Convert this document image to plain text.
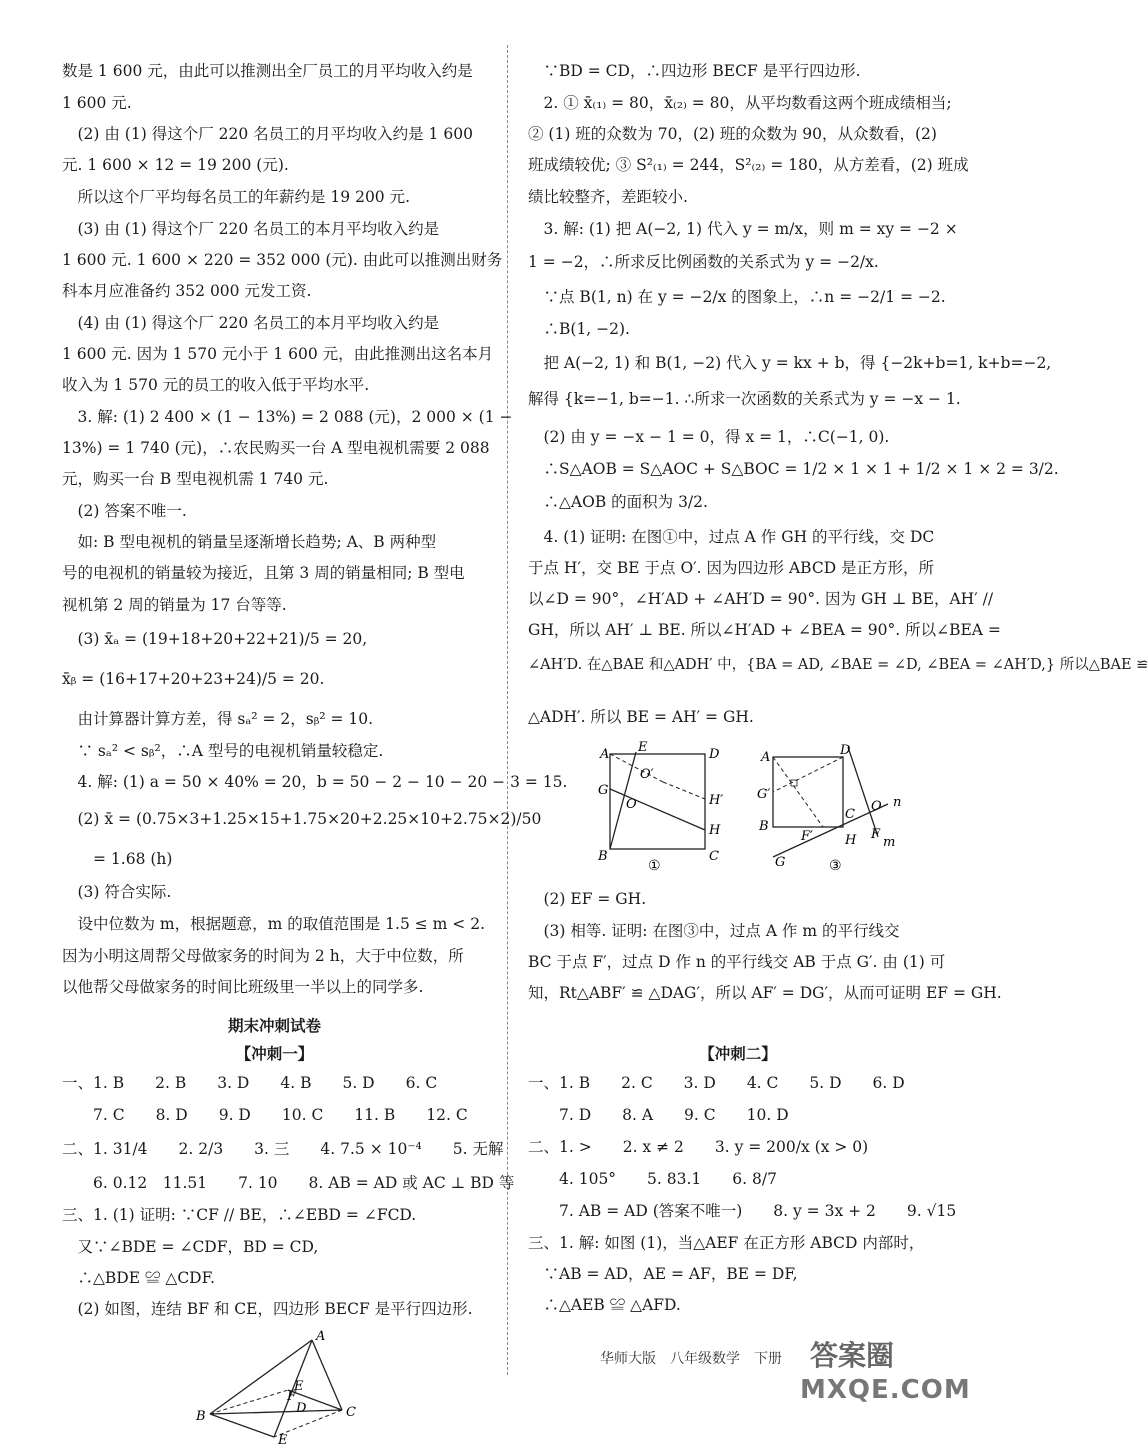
数是 1 600 元，由此可以推测出全厂员工的月平均收入约是
1 600 元.
　(2) 由 (1) 得这个厂 220 名员工的月平均收入约是 1 600
元. 1 600 × 12 = 19 200 (元).
　所以这个厂平均每名员工的年薪约是 19 200 元.
　(3) 由 (1) 得这个厂 220 名员工的本月平均收入约是
1 600 元. 1 600 × 220 = 352 000 (元). 由此可以推测出财务
科本月应准备约 352 000 元发工资.
　(4) 由 (1) 得这个厂 220 名员工的本月平均收入约是
1 600 元. 因为 1 570 元小于 1 600 元，由此推测出这名本月
收入为 1 570 元的员工的收入低于平均水平.
　3. 解: (1) 2 400 × (1 − 13%) = 2 088 (元)，2 000 × (1 −
13%) = 1 740 (元)，∴农民购买一台 A 型电视机需要 2 088
元，购买一台 B 型电视机需 1 740 元.
　(2) 答案不唯一.
　如: B 型电视机的销量呈逐渐增长趋势; A、B 两种型
号的电视机的销量较为接近，且第 3 周的销量相同; B 型电
视机第 2 周的销量为 17 台等等.
　(3) x̄ₐ = (19+18+20+22+21)/5 = 20,
x̄ᵦ = (16+17+20+23+24)/5 = 20.
　由计算器计算方差，得 sₐ² = 2，sᵦ² = 10.
　∵ sₐ² < sᵦ²，∴A 型号的电视机销量较稳定.
　4. 解: (1) a = 50 × 40% = 20，b = 50 − 2 − 10 − 20 − 3 = 15.
　(2) x̄ = (0.75×3+1.25×15+1.75×20+2.25×10+2.75×2)/50
　　= 1.68 (h)
　(3) 符合实际.
　设中位数为 m，根据题意，m 的取值范围是 1.5 ≤ m < 2.
因为小明这周帮父母做家务的时间为 2 h，大于中位数，所
以他帮父母做家务的时间比班级里一半以上的同学多.
期末冲刺试卷
【冲刺一】
一、1. B　　2. B　　3. D　　4. B　　5. D　　6. C
　　7. C　　8. D　　9. D　　10. C　　11. B　　12. C
二、1. 31/4　　2. 2/3　　3. 三　　4. 7.5 × 10⁻⁴　　5. 无解
　　6. 0.12　11.51　　7. 10　　8. AB = AD 或 AC ⊥ BD 等
三、1. (1) 证明: ∵CF // BE，∴∠EBD = ∠FCD.
　又∵∠BDE = ∠CDF，BD = CD,
　∴△BDE ≌ △CDF.
　(2) 如图，连结 BF 和 CE，四边形 BECF 是平行四边形.
A
E
F
D
B	C
E
　∵BD = CD，∴四边形 BECF 是平行四边形.
　2. ① x̄₍₁₎ = 80，x̄₍₂₎ = 80，从平均数看这两个班成绩相当;
② (1) 班的众数为 70，(2) 班的众数为 90，从众数看，(2)
班成绩较优; ③ S²₍₁₎ = 244，S²₍₂₎ = 180，从方差看，(2) 班成
绩比较整齐，差距较小.
　3. 解: (1) 把 A(−2, 1) 代入 y = m/x，则 m = xy = −2 ×
1 = −2，∴所求反比例函数的关系式为 y = −2/x.
　∵点 B(1, n) 在 y = −2/x 的图象上，∴n = −2/1 = −2.
　∴B(1, −2).
　把 A(−2, 1) 和 B(1, −2) 代入 y = kx + b，得 {−2k+b=1, k+b=−2,
解得 {k=−1, b=−1. ∴所求一次函数的关系式为 y = −x − 1.
　(2) 由 y = −x − 1 = 0，得 x = 1，∴C(−1, 0).
　∴S△AOB = S△AOC + S△BOC = 1/2 × 1 × 1 + 1/2 × 1 × 2 = 3/2.
　∴△AOB 的面积为 3/2.
　4. (1) 证明: 在图①中，过点 A 作 GH 的平行线，交 DC
于点 H′，交 BE 于点 O′. 因为四边形 ABCD 是正方形，所
以∠D = 90°，∠H′AD + ∠AH′D = 90°. 因为 GH ⊥ BE，AH′ //
GH，所以 AH′ ⊥ BE. 所以∠H′AD + ∠BEA = 90°. 所以∠BEA =
∠AH′D. 在△BAE 和△ADH′ 中，{BA = AD, ∠BAE = ∠D, ∠BEA = ∠AH′D,} 所以△BAE ≌
△ADH′. 所以 BE = AH′ = GH.
A E	D
O′
G
O	H′
H
B	C
①
A	D
G′
B
F′
C
O n
F
H
G
m
③
　(2) EF = GH.
　(3) 相等. 证明: 在图③中，过点 A 作 m 的平行线交
BC 于点 F′，过点 D 作 n 的平行线交 AB 于点 G′. 由 (1) 可
知，Rt△ABF′ ≌ △DAG′，所以 AF′ = DG′，从而可证明 EF = GH.
【冲刺二】
一、1. B　　2. C　　3. D　　4. C　　5. D　　6. D
　　7. D　　8. A　　9. C　　10. D
二、1. >　　2. x ≠ 2　　3. y = 200/x (x > 0)
　　4. 105°　　5. 83.1　　6. 8/7
　　7. AB = AD (答案不唯一)　　8. y = 3x + 2　　9. √15
三、1. 解: 如图 (1)，当△AEF 在正方形 ABCD 内部时，
　∵AB = AD，AE = AF，BE = DF,
　∴△AEB ≌ △AFD.
华师大版　八年级数学　下册 答案圈
MXQE.COM
